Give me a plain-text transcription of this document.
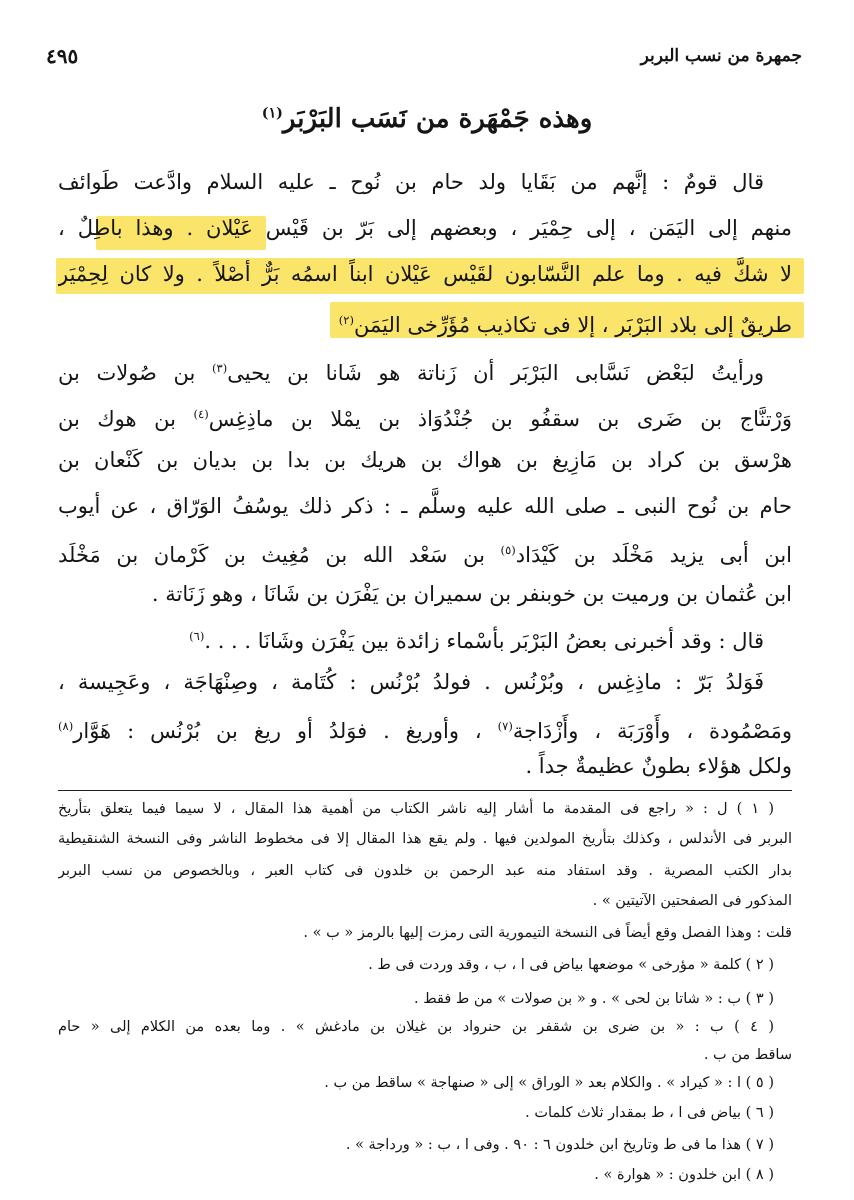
جمهرة من نسب البربر
٤٩٥
وهذه جَمْهَرة من نَسَب البَرْبَر$^{(١)}$
قال قومٌ : إنَّهم من بَقَايا ولد حام بن نُوح ـ عليه السلام وادَّعت طَوائف
منهم إلى اليَمَن ، إلى حِمْيَر ، وبعضهم إلى بَرّ بن قَيْس عَيْلان . وهذا باطِلٌ ،
لا شكَّ فيه . وما علم النَّسّابون لقَيْس عَيْلان ابناً اسمُه بَرٌّ أصْلاً . ولا كان لِحِمْيَر
طريقٌ إلى بلاد البَرْبَر ، إلا فى تكاذيب مُؤَرِّخى اليَمَن$^{(٢)}$
ورأيتُ لبَعْض نَسَّابى البَرْبَر أن زَناتة هو شَانا بن يحيى$^{(٣)}$ بن صُولات بن
وَرْتنَّاج بن ضَرى بن سقفُو بن جُنْدُوَاذ بن يمْلا بن ماذِغِس$^{(٤)}$ بن هوك بن
هرْسق بن كراد بن مَازِيغ بن هواك بن هريك بن بدا بن بديان بن كَنْعان بن
حام بن نُوح النبى ـ صلى الله عليه وسلَّم ـ : ذكر ذلك يوسُفُ الوَرّاق ، عن أيوب
ابن أبى يزيد مَخْلَد بن كَيْدَاد$^{(٥)}$ بن سَعْد الله بن مُغِيث بن كَرْمان بن مَخْلَد
ابن عُثمان بن ورميت بن خوبنفر بن سميران بن يَفْرَن بن شَانَا ، وهو زَنَاتة .
قال : وقد أخبرنى بعضُ البَرْبَر بأسْماء زائدة بين يَفْرَن وشَانَا . . . .$^{(٦)}$
فَوَلدُ بَرّ : ماذِغِس ، وبُرْنُس . فولدُ بُرْنُس : كُتَامة ، وصِنْهَاجَة ، وعَجِيسة ،
ومَصْمُودة ، وأَوْرَبَة ، وأَزْدَاجة$^{(٧)}$ ، وأوريغ . فوَلدُ أو ريغ بن بُرْنُس : هَوَّار$^{(٨)}$
ولكل هؤلاء بطونٌ عظيمةٌ جداً .
( ١ ) ل : « راجع فى المقدمة ما أشار إليه ناشر الكتاب من أهمية هذا المقال ، لا سيما فيما يتعلق بتأريخ
البربر فى الأندلس ، وكذلك بتأريخ المولدين فيها . ولم يقع هذا المقال إلا فى مخطوط الناشر وفى النسخة الشنقيطية
بدار الكتب المصرية . وقد استفاد منه عبد الرحمن بن خلدون فى كتاب العبر ، وبالخصوص من نسب البربر
المذكور فى الصفحتين الآتيتين » .
قلت : وهذا الفصل وقع أيضاً فى النسخة التيمورية التى رمزت إليها بالرمز « ب » .
( ٢ ) كلمة « مؤرخى » موضعها بياض فى ا ، ب ، وقد وردت فى ط .
( ٣ ) ب : « شاتا بن لحى » . و « بن صولات » من ط فقط .
( ٤ ) ب : « بن ضرى بن شقفر بن حنرواد بن غيلان بن مادغش » . وما بعده من الكلام إلى « حام
ساقط من ب .
( ٥ ) ا : « كيراد » . والكلام بعد « الوراق » إلى « صنهاجة » ساقط من ب .
( ٦ ) بياض فى ا ، ط بمقدار ثلاث كلمات .
( ٧ ) هذا ما فى ط وتاريخ ابن خلدون ٦ : ٩٠ . وفى ا ، ب : « ورداجة » .
( ٨ ) ابن خلدون : « هوارة » .
